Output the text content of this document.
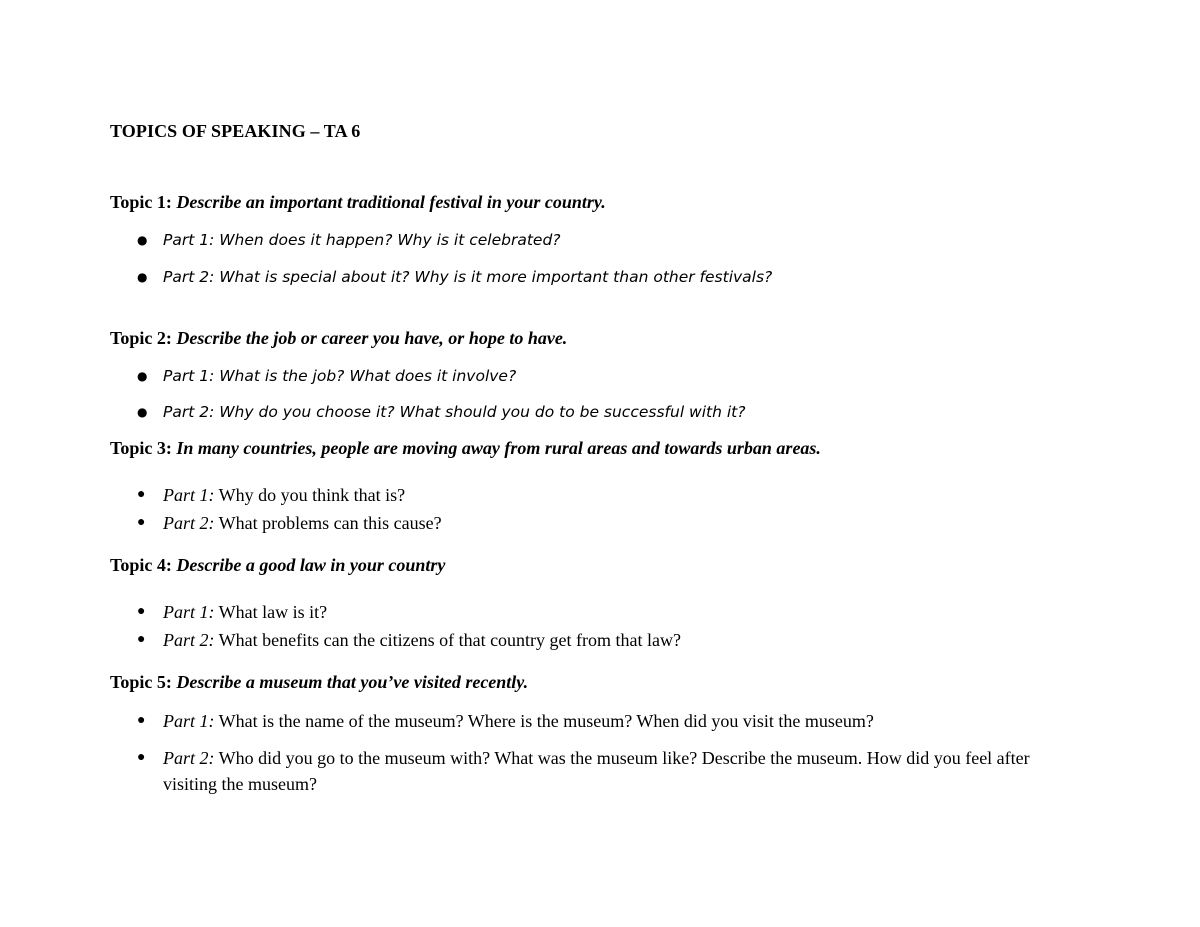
TOPICS OF SPEAKING – TA 6
Topic 1: Describe an important traditional festival in your country.
● Part 1: When does it happen? Why is it celebrated?
● Part 2: What is special about it? Why is it more important than other festivals?
Topic 2: Describe the job or career you have, or hope to have.
● Part 1: What is the job? What does it involve?
● Part 2: Why do you choose it? What should you do to be successful with it?
Topic 3: In many countries, people are moving away from rural areas and towards urban areas.
● Part 1: Why do you think that is?
● Part 2: What problems can this cause?
Topic 4: Describe a good law in your country
● Part 1: What law is it?
● Part 2: What benefits can the citizens of that country get from that law?
Topic 5: Describe a museum that you’ve visited recently.
● Part 1: What is the name of the museum? Where is the museum? When did you visit the museum?
● Part 2: Who did you go to the museum with? What was the museum like? Describe the museum. How did you feel after visiting the museum?
